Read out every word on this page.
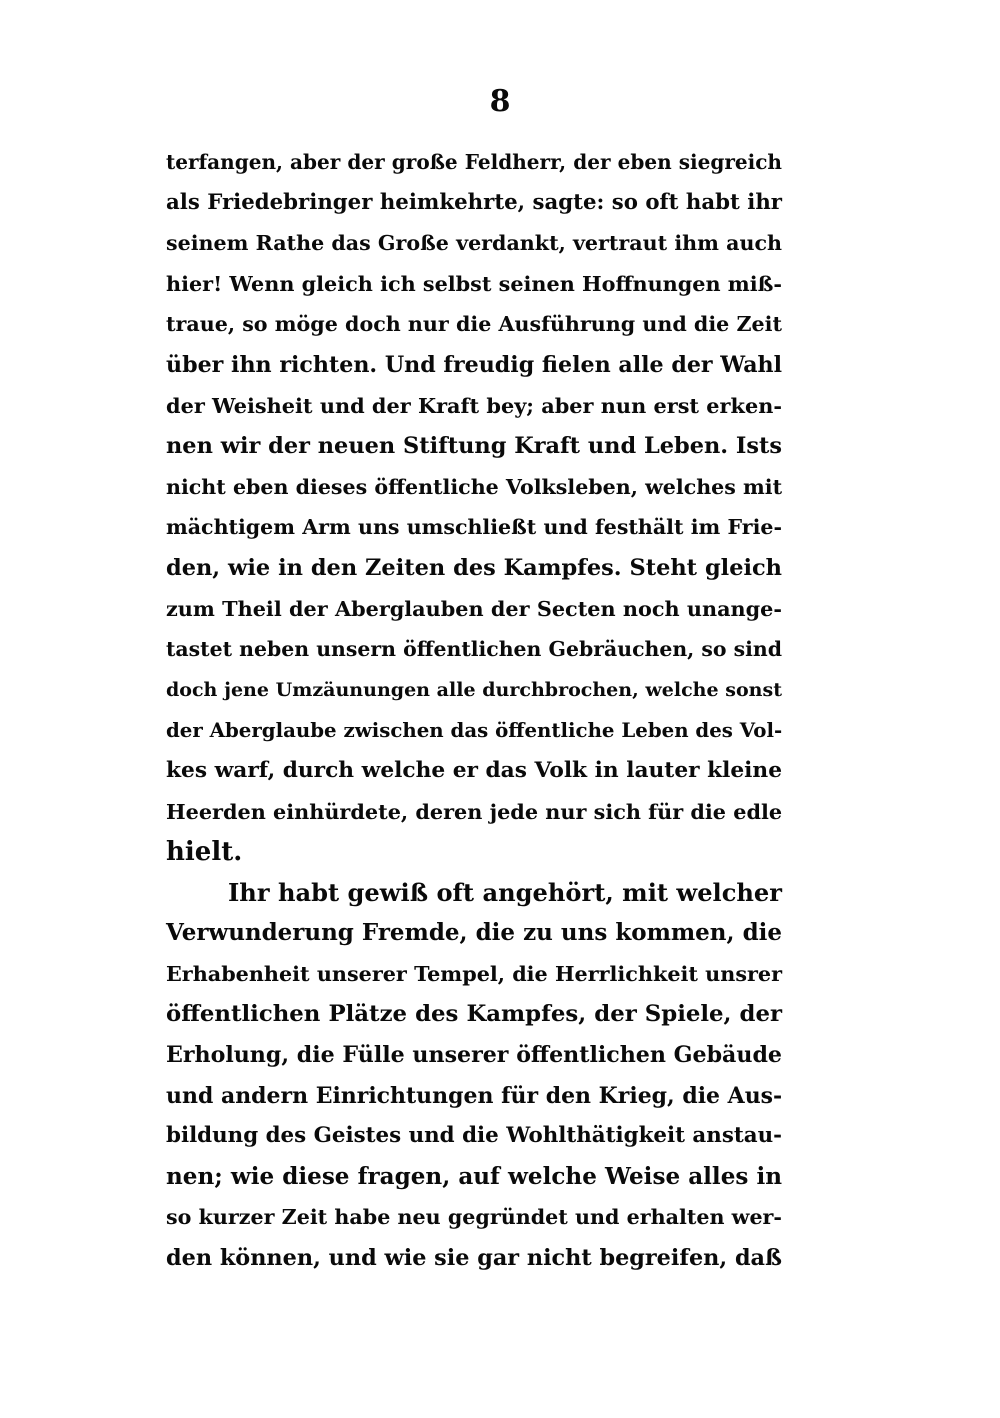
8
terfangen, aber der große Feldherr, der eben siegreich
als Friedebringer heimkehrte, sagte: so oft habt ihr
seinem Rathe das Große verdankt, vertraut ihm auch
hier! Wenn gleich ich selbst seinen Hoffnungen miß-
traue, so möge doch nur die Ausführung und die Zeit
über ihn richten. Und freudig fielen alle der Wahl
der Weisheit und der Kraft bey; aber nun erst erken-
nen wir der neuen Stiftung Kraft und Leben. Ists
nicht eben dieses öffentliche Volksleben, welches mit
mächtigem Arm uns umschließt und festhält im Frie-
den, wie in den Zeiten des Kampfes. Steht gleich
zum Theil der Aberglauben der Secten noch unange-
tastet neben unsern öffentlichen Gebräuchen, so sind
doch jene Umzäunungen alle durchbrochen, welche sonst
der Aberglaube zwischen das öffentliche Leben des Vol-
kes warf, durch welche er das Volk in lauter kleine
Heerden einhürdete, deren jede nur sich für die edle
hielt.
Ihr habt gewiß oft angehört, mit welcher
Verwunderung Fremde, die zu uns kommen, die
Erhabenheit unserer Tempel, die Herrlichkeit unsrer
öffentlichen Plätze des Kampfes, der Spiele, der
Erholung, die Fülle unserer öffentlichen Gebäude
und andern Einrichtungen für den Krieg, die Aus-
bildung des Geistes und die Wohlthätigkeit anstau-
nen; wie diese fragen, auf welche Weise alles in
so kurzer Zeit habe neu gegründet und erhalten wer-
den können, und wie sie gar nicht begreifen, daß
